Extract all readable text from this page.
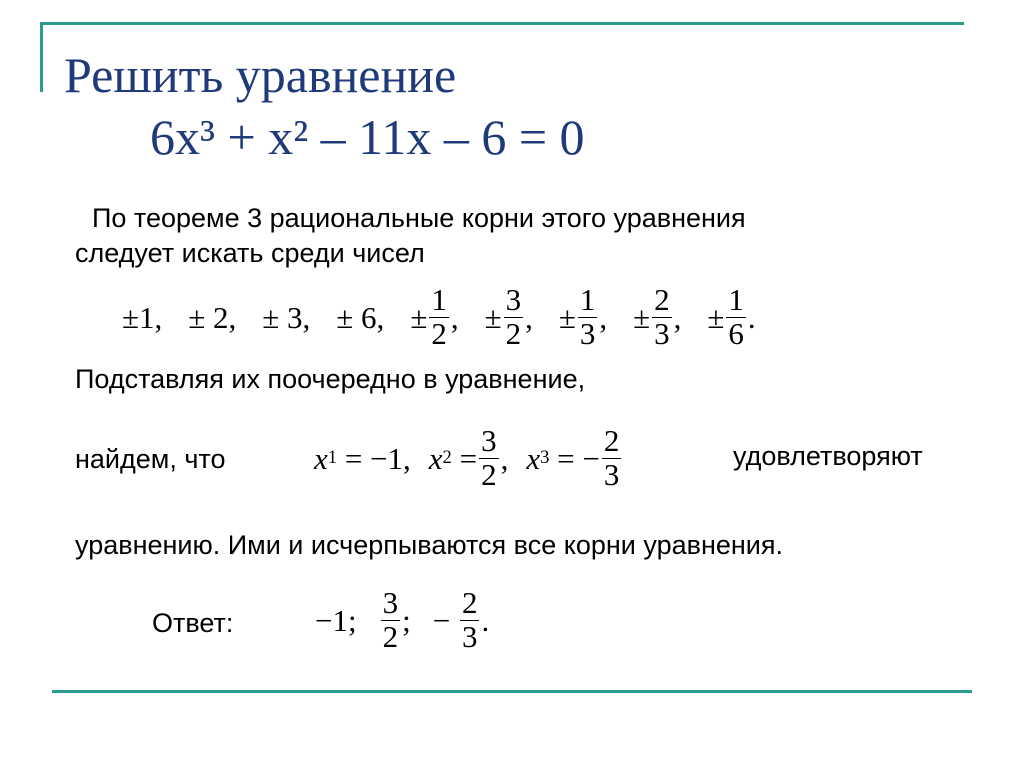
Решить уравнение
6x³ + x² – 11x – 6 = 0
По теореме 3 рациональные корни этого уравнения
следует искать среди чисел
±1, ± 2, ± 3, ± 6, ± $\frac{1}{2}$ , ± $\frac{3}{2}$ , ± $\frac{1}{3}$ , ± $\frac{2}{3}$ , ± $\frac{1}{6}$ .
Подставляя их поочередно в уравнение,
найдем, что	x 1
= −1, x 2
= $\frac{3}{2}$ , x 3
= − $\frac{2}{3}$	удовлетворяют
уравнению. Ими и исчерпываются все корни уравнения.
Ответ:	−1; $\frac{3}{2}$ ; −
$\frac{2}{3}$ .
